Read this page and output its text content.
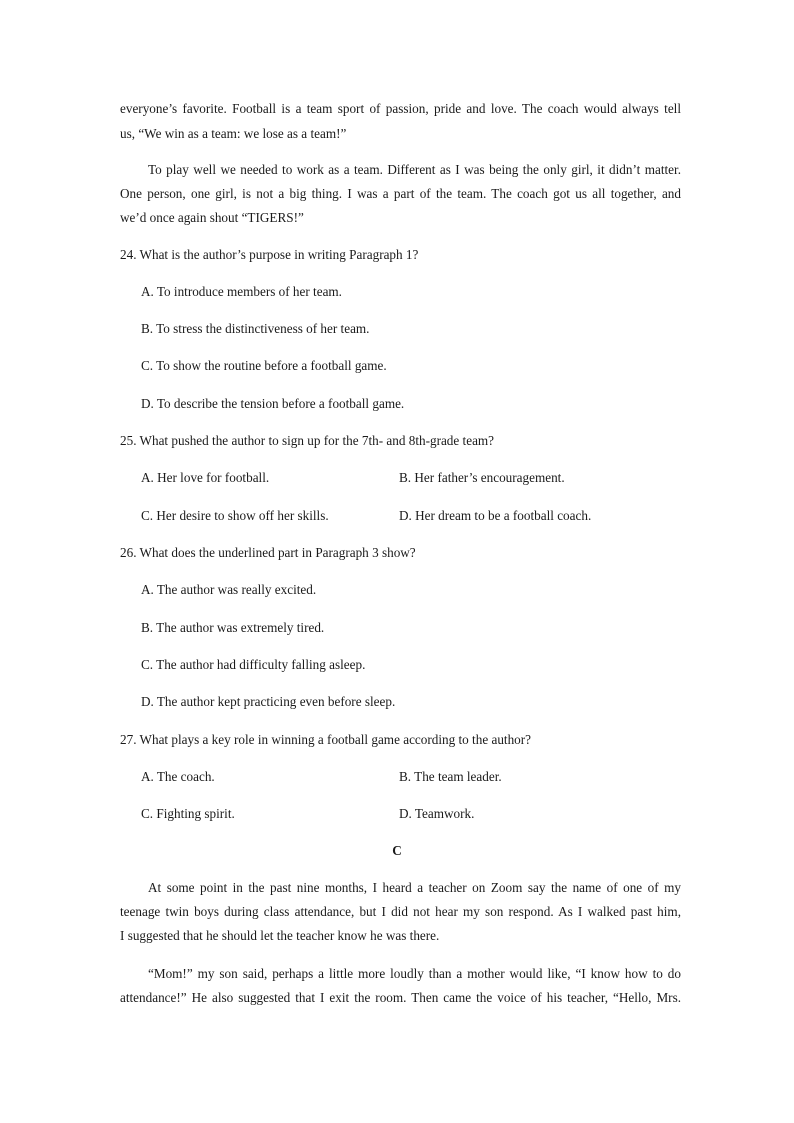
everyone’s favorite. Football is a team sport of passion, pride and love. The coach would always tell
us, “We win as a team: we lose as a team!”
To play well we needed to work as a team. Different as I was being the only girl, it didn’t matter.
One person, one girl, is not a big thing. I was a part of the team. The coach got us all together, and
we’d once again shout “TIGERS!”
24. What is the author’s purpose in writing Paragraph 1?
A. To introduce members of her team.
B. To stress the distinctiveness of her team.
C. To show the routine before a football game.
D. To describe the tension before a football game.
25. What pushed the author to sign up for the 7th- and 8th-grade team?
A. Her love for football.	B. Her father’s encouragement.
C. Her desire to show off her skills.	D. Her dream to be a football coach.
26. What does the underlined part in Paragraph 3 show?
A. The author was really excited.
B. The author was extremely tired.
C. The author had difficulty falling asleep.
D. The author kept practicing even before sleep.
27. What plays a key role in winning a football game according to the author?
A. The coach.	B. The team leader.
C. Fighting spirit.	D. Teamwork.
C
At some point in the past nine months, I heard a teacher on Zoom say the name of one of my
teenage twin boys during class attendance, but I did not hear my son respond. As I walked past him,
I suggested that he should let the teacher know he was there.
“Mom!” my son said, perhaps a little more loudly than a mother would like, “I know how to do
attendance!” He also suggested that I exit the room. Then came the voice of his teacher, “Hello, Mrs.
